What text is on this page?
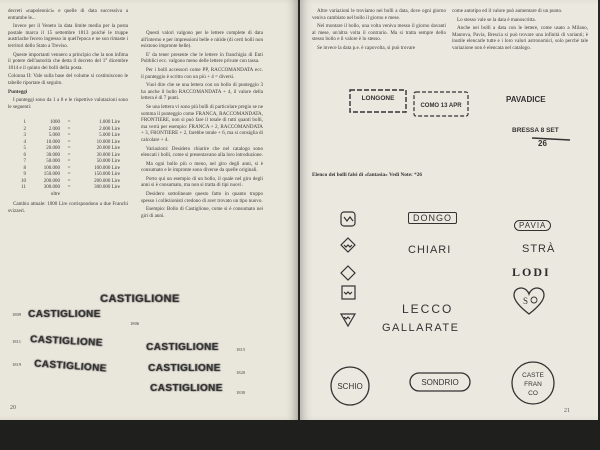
decreti «napoleonici» e quelle di data successiva a entrambe le...

Invece per il Veneto la data limite media per la posta postale marca il 15 settembre 1813 poiché le truppe austriache fecero ingresso in quell'epoca e ne son rimaste i territori dello Stato a Treviso.

Queste importanti vennero a principio che la non infima il potere dell'autorità che detta il decreto del 1° dicembre 1814 e il quinto dei bolli della posta.

Colonna II: Vale sulla base del volume si costituiscono le tabelle riportate di seguito.

Punteggi

I punteggi sono da 1 a 8 e le rispettive valutazioni sono le seguenti:

1	1000	=	1.000 Lire
2	2.000	=	2.000 Lire
3	5.000	=	5.000 Lire
4	10.000	=	10.000 Lire
5	20.000	=	20.000 Lire
6	30.000	=	30.000 Lire
7	50.000	=	50.000 Lire
8	100.000	=	100.000 Lire
9	150.000	=	150.000 Lire
10	200.000	=	200.000 Lire
11	300.000	=	300.000 Lire
oltre

Cambio attuale: 1000 Lire corrispondono a due Franchi svizzeri.

Questi valori valgono per le lettere complete di data all'interno e per impressioni belle e nitide (di certi bolli non esistono impronte belle).

E' da tener presente che le lettere in franchigia di Enti Pubblici ecc. valgono meno delle lettere private con tassa.

Per i bolli accessori come PP, RACCOMANDATA ecc. il punteggio è scritto con un più + 4 = diversi.

Vuol dire che se una lettera con un bollo di punteggio 3 ha anche il bollo RACCOMANDATA + 4, il valore della lettera è di 7 punti.

Se una lettera vi sono più bolli di particolare pregio se ne somma il punteggio come FRANCA, RACCOMANDATA, FRONTIERE, non si può fare il totale di tutti quanti bolli, ma verrà per esempio: FRANCA + 2, RACCOMANDATA + 3, FRONTIERE + 2, farebbe totale + 6, ma si consiglia di calcolare + 4.

Variazioni: Desidero chiarire che nel catalogo sono elencati i bolli, come si presentavano alla loro introduzione.

Ma ogni bollo più o meno, nel giro degli anni, si è consumato e le impronte sono diverse da quelle originali.

Porto qui un esempio di un bollo, il quale nel giro degli anni si è consumato, ma non si tratta di tipi nuovi.

Desidero sottolineare questo fatto in quanto troppo spesso i collezionisti credono di aver trovato un tipo nuovo.

Esempio: Bollo di Castiglione, come si è consumato nei giri di anni.

CASTIGLIONE
1809 CASTIGLIONE
1806
1811 CASTIGLIONE	CASTIGLIONE	1815
CASTIGLIONE
1819	CASTIGLIONE	1820
CASTIGLIONE	1830
20

Altre variazioni le troviamo nei bolli a data, dove ogni giorno veniva cambiato nel bollo il giorno e mese.

Nel montare il bollo, una volta veniva messo il giorno davanti al mese, un'altra volta il contrario. Ma si tratta sempre dello stesso bollo e il valore è lo stesso.

Se invece la data p.e. è capovolta, si può trovare

come autotipo ed il valore può aumentare di un punto.

Lo stesso vale se la data è manoscritta.

Anche nei bolli a data con le lettere, come usato a Milano, Mantova, Pavia, Brescia si può trovare una infinità di varianti; è inutile elencarle tutte e i loro valori astronomici, solo perché tale variazione non è elencata nel catalogo.

LONGONE
COMO 13 APR
PAVADICE
BRESSA 8 SET
26
Elenco dei bolli falsi di «fantasia» Vedi Note: *26
DONGO
CHIARI
LECCO
GALLARATE
PAVIA
STRÀ
LODI
S
SCHIO	SONDRIO
CASTE
FRAN
CO
21
